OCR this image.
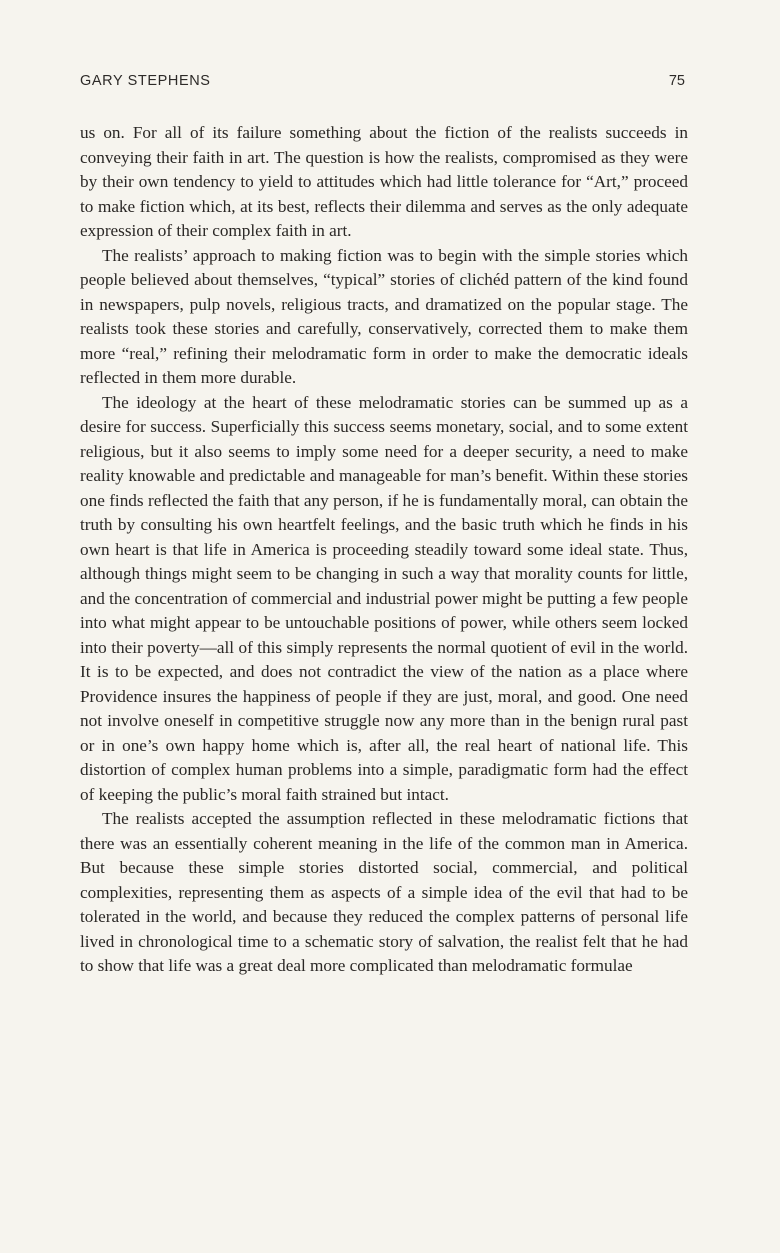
GARY STEPHENS	75

us on. For all of its failure something about the fiction of the realists succeeds in conveying their faith in art. The question is how the realists, compromised as they were by their own tendency to yield to attitudes which had little tolerance for “Art,” proceed to make fiction which, at its best, reflects their dilemma and serves as the only adequate expression of their complex faith in art.

The realists’ approach to making fiction was to begin with the simple stories which people believed about themselves, “typical” stories of clichéd pattern of the kind found in newspapers, pulp novels, religious tracts, and dramatized on the popular stage. The realists took these stories and carefully, conservatively, corrected them to make them more “real,” refining their melodramatic form in order to make the democratic ideals reflected in them more durable.

The ideology at the heart of these melodramatic stories can be summed up as a desire for success. Superficially this success seems monetary, social, and to some extent religious, but it also seems to imply some need for a deeper security, a need to make reality knowable and predictable and manageable for man’s benefit. Within these stories one finds reflected the faith that any person, if he is fundamentally moral, can obtain the truth by consulting his own heartfelt feelings, and the basic truth which he finds in his own heart is that life in America is proceeding steadily toward some ideal state. Thus, although things might seem to be changing in such a way that morality counts for little, and the concentration of commercial and industrial power might be putting a few people into what might appear to be untouchable positions of power, while others seem locked into their poverty—all of this simply represents the normal quotient of evil in the world. It is to be expected, and does not contradict the view of the nation as a place where Providence insures the happiness of people if they are just, moral, and good. One need not involve oneself in competitive struggle now any more than in the benign rural past or in one’s own happy home which is, after all, the real heart of national life. This distortion of complex human problems into a simple, paradigmatic form had the effect of keeping the public’s moral faith strained but intact.

The realists accepted the assumption reflected in these melodramatic fictions that there was an essentially coherent meaning in the life of the common man in America. But because these simple stories distorted social, commercial, and political complexities, representing them as aspects of a simple idea of the evil that had to be tolerated in the world, and because they reduced the complex patterns of personal life lived in chronological time to a schematic story of salvation, the realist felt that he had to show that life was a great deal more complicated than melodramatic formulae
